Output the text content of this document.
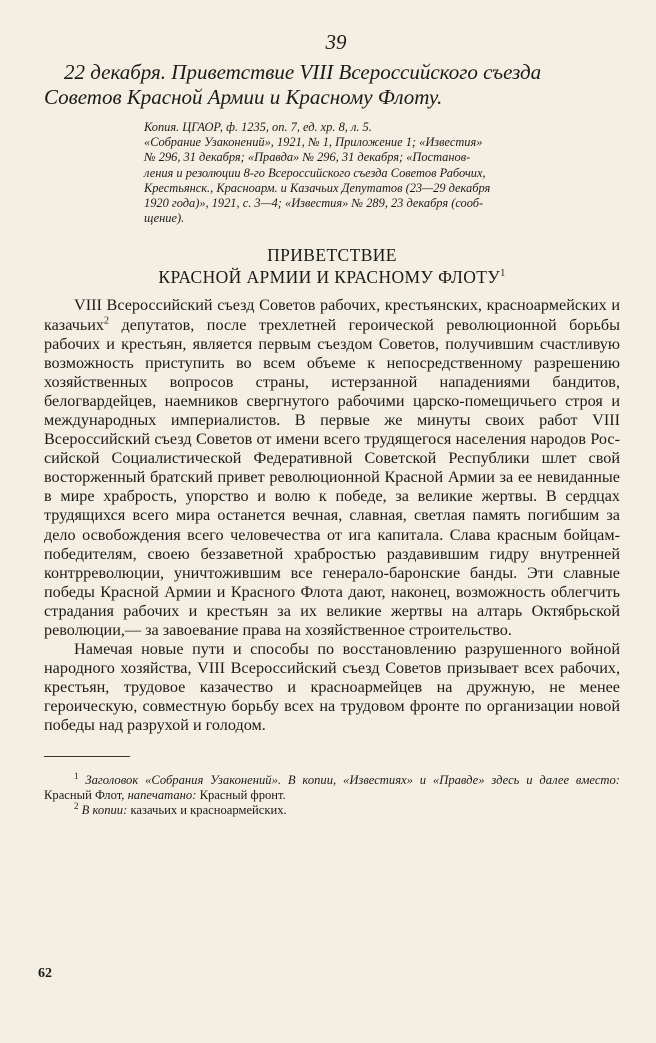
39
22 декабря. Приветствие VIII Всероссийского съезда
Советов Красной Армии и Красному Флоту.
Копия. ЦГАОР, ф. 1235, оп. 7, ед. хр. 8, л. 5.
«Собрание Узаконений», 1921, № 1, Приложение 1; «Известия»
№ 296, 31 декабря; «Правда» № 296, 31 декабря; «Постанов-
ления и резолюции 8-го Всероссийского съезда Советов Рабочих,
Крестьянск., Красноарм. и Казачьих Депутатов (23—29 декабря
1920 года)», 1921, с. 3—4; «Известия» № 289, 23 декабря (сооб-
щение).
ПРИВЕТСТВИЕ
КРАСНОЙ АРМИИ И КРАСНОМУ ФЛОТУ$^1$

VIII Всероссийский съезд Советов рабочих, крестьянских, красноармейских и казачьих$^2$ депутатов, после трехлетней героической революционной борьбы рабочих и крестьян, является первым съездом Советов, получившим счастливую возможность приступить во всем объеме к непосредственному разрешению хозяйственных вопросов страны, истерзанной нападениями бандитов, белогвардейцев, наемников свергнутого рабочими царско-помещичьего строя и международных империалистов. В первые же минуты своих работ VIII Всероссийский съезд Советов от имени всего трудящегося населения народов Российской Социалистической Федеративной Советской Республики шлет свой восторженный братский привет революционной Красной Армии за ее невиданные в мире храбрость, упорство и волю к победе, за великие жертвы. В сердцах трудящихся всего мира останется вечная, славная, светлая память погибшим за дело освобождения всего человечества от ига капитала. Слава красным бойцам-победителям, своею беззаветной храбростью раздавившим гидру внутренней контрреволюции, уничтожившим все генерало-баронские банды. Эти славные победы Красной Армии и Красного Флота дают, наконец, возможность облегчить страдания рабочих и крестьян за их великие жертвы на алтарь Октябрьской революции,— за завоевание права на хозяйственное строительство.

Намечая новые пути и способы по восстановлению разрушенного войной народного хозяйства, VIII Всероссийский съезд Советов призывает всех рабочих, крестьян, трудовое казачество и красноармейцев на дружную, не менее героическую, совместную борьбу всех на трудовом фронте по организации новой победы над разрухой и голодом.

$^1$ Заголовок «Собрания Узаконений». В копии, «Известиях» и «Правде» здесь и далее вместо: Красный Флот, напечатано: Красный фронт.

$^2$ В копии: казачьих и красноармейских.

62
